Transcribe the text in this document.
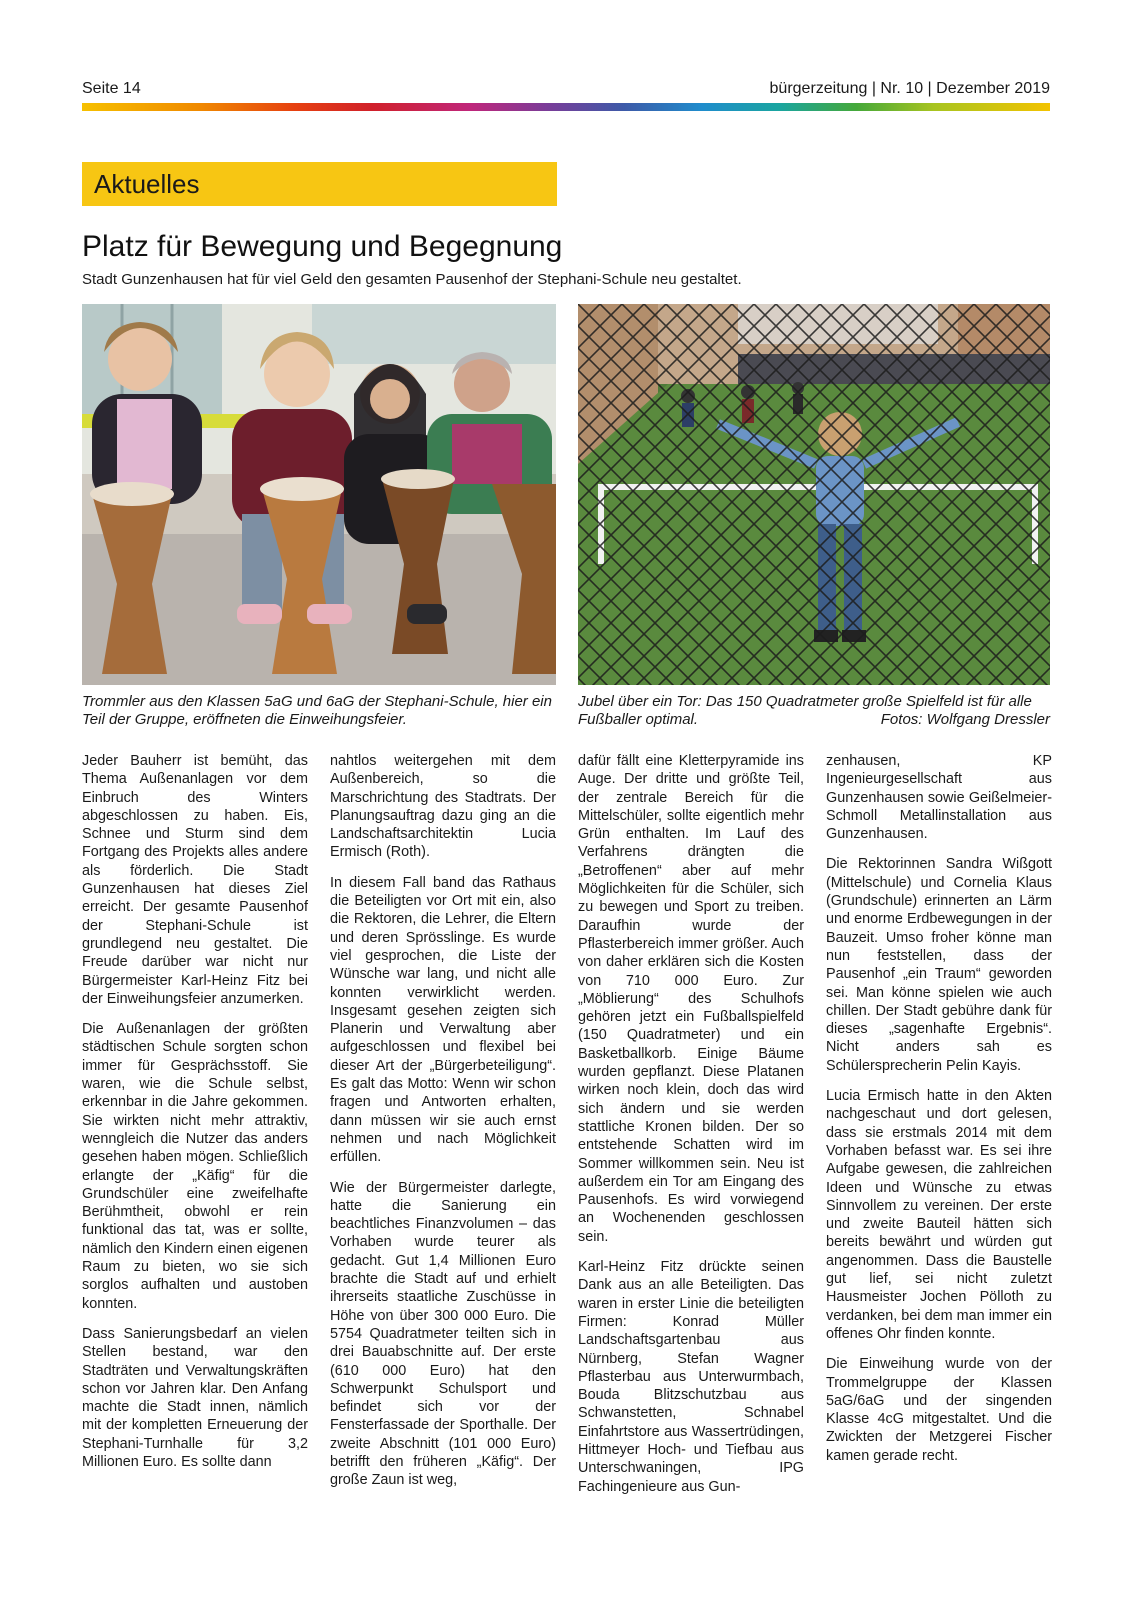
Seite 14	bürgerzeitung | Nr. 10 | Dezember 2019
Aktuelles
Platz für Bewegung und Begegnung
Stadt Gunzenhausen hat für viel Geld den gesamten Pausenhof der Stephani-Schule neu gestaltet.
Trommler aus den Klassen 5aG und 6aG der Stephani-Schule, hier ein Teil der Gruppe, eröffneten die Einweihungsfeier.
Jubel über ein Tor: Das 150 Quadratmeter große Spielfeld ist für alle Fußballer optimal.	Fotos: Wolfgang Dressler

Jeder Bauherr ist bemüht, das Thema Außenanlagen vor dem Einbruch des Winters abgeschlossen zu haben. Eis, Schnee und Sturm sind dem Fortgang des Projekts alles andere als förderlich. Die Stadt Gunzenhausen hat dieses Ziel erreicht. Der gesamte Pausenhof der Stephani-Schule ist grundlegend neu gestaltet. Die Freude darüber war nicht nur Bürgermeister Karl-Heinz Fitz bei der Einweihungsfeier anzumerken.

Die Außenanlagen der größten städtischen Schule sorgten schon immer für Gesprächsstoff. Sie waren, wie die Schule selbst, erkennbar in die Jahre gekommen. Sie wirkten nicht mehr attraktiv, wenngleich die Nutzer das anders gesehen haben mögen. Schließlich erlangte der „Käfig“ für die Grundschüler eine zweifelhafte Berühmtheit, obwohl er rein funktional das tat, was er sollte, nämlich den Kindern einen eigenen Raum zu bieten, wo sie sich sorglos aufhalten und austoben konnten.

Dass Sanierungsbedarf an vielen Stellen bestand, war den Stadträten und Verwaltungskräften schon vor Jahren klar. Den Anfang machte die Stadt innen, nämlich mit der kompletten Erneuerung der Stephani-Turnhalle für 3,2 Millionen Euro. Es sollte dann

nahtlos weitergehen mit dem Außenbereich, so die Marschrichtung des Stadtrats. Der Planungsauftrag dazu ging an die Landschaftsarchitektin Lucia Ermisch (Roth).

In diesem Fall band das Rathaus die Beteiligten vor Ort mit ein, also die Rektoren, die Lehrer, die Eltern und deren Sprösslinge. Es wurde viel gesprochen, die Liste der Wünsche war lang, und nicht alle konnten verwirklicht werden. Insgesamt gesehen zeigten sich Planerin und Verwaltung aber aufgeschlossen und flexibel bei dieser Art der „Bürgerbeteiligung“. Es galt das Motto: Wenn wir schon fragen und Antworten erhalten, dann müssen wir sie auch ernst nehmen und nach Möglichkeit erfüllen.

Wie der Bürgermeister darlegte, hatte die Sanierung ein beachtliches Finanzvolumen – das Vorhaben wurde teurer als gedacht. Gut 1,4 Millionen Euro brachte die Stadt auf und erhielt ihrerseits staatliche Zuschüsse in Höhe von über 300 000 Euro. Die 5754 Quadratmeter teilten sich in drei Bauabschnitte auf. Der erste (610 000 Euro) hat den Schwerpunkt Schulsport und befindet sich vor der Fensterfassade der Sporthalle. Der zweite Abschnitt (101 000 Euro) betrifft den früheren „Käfig“. Der große Zaun ist weg,

dafür fällt eine Kletterpyramide ins Auge. Der dritte und größte Teil, der zentrale Bereich für die Mittelschüler, sollte eigentlich mehr Grün enthalten. Im Lauf des Verfahrens drängten die „Betroffenen“ aber auf mehr Möglichkeiten für die Schüler, sich zu bewegen und Sport zu treiben. Daraufhin wurde der Pflasterbereich immer größer. Auch von daher erklären sich die Kosten von 710 000 Euro. Zur „Möblierung“ des Schulhofs gehören jetzt ein Fußballspielfeld (150 Quadratmeter) und ein Basketballkorb. Einige Bäume wurden gepflanzt. Diese Platanen wirken noch klein, doch das wird sich ändern und sie werden stattliche Kronen bilden. Der so entstehende Schatten wird im Sommer willkommen sein. Neu ist außerdem ein Tor am Eingang des Pausenhofs. Es wird vorwiegend an Wochenenden geschlossen sein.

Karl-Heinz Fitz drückte seinen Dank aus an alle Beteiligten. Das waren in erster Linie die beteiligten Firmen: Konrad Müller Landschaftsgartenbau aus Nürnberg, Stefan Wagner Pflasterbau aus Unterwurmbach, Bouda Blitzschutzbau aus Schwanstetten, Schnabel Einfahrtstore aus Wassertrüdingen, Hittmeyer Hoch- und Tiefbau aus Unterschwaningen, IPG Fachingenieure aus Gun-

zenhausen, KP Ingenieurgesellschaft aus Gunzenhausen sowie Geißelmeier-Schmoll Metallinstallation aus Gunzenhausen.

Die Rektorinnen Sandra Wißgott (Mittelschule) und Cornelia Klaus (Grundschule) erinnerten an Lärm und enorme Erdbewegungen in der Bauzeit. Umso froher könne man nun feststellen, dass der Pausenhof „ein Traum“ geworden sei. Man könne spielen wie auch chillen. Der Stadt gebühre dank für dieses „sagenhafte Ergebnis“. Nicht anders sah es Schülersprecherin Pelin Kayis.

Lucia Ermisch hatte in den Akten nachgeschaut und dort gelesen, dass sie erstmals 2014 mit dem Vorhaben befasst war. Es sei ihre Aufgabe gewesen, die zahlreichen Ideen und Wünsche zu etwas Sinnvollem zu vereinen. Der erste und zweite Bauteil hätten sich bereits bewährt und würden gut angenommen. Dass die Baustelle gut lief, sei nicht zuletzt Hausmeister Jochen Pölloth zu verdanken, bei dem man immer ein offenes Ohr finden konnte.

Die Einweihung wurde von der Trommelgruppe der Klassen 5aG/6aG und der singenden Klasse 4cG mitgestaltet. Und die Zwickten der Metzgerei Fischer kamen gerade recht.
